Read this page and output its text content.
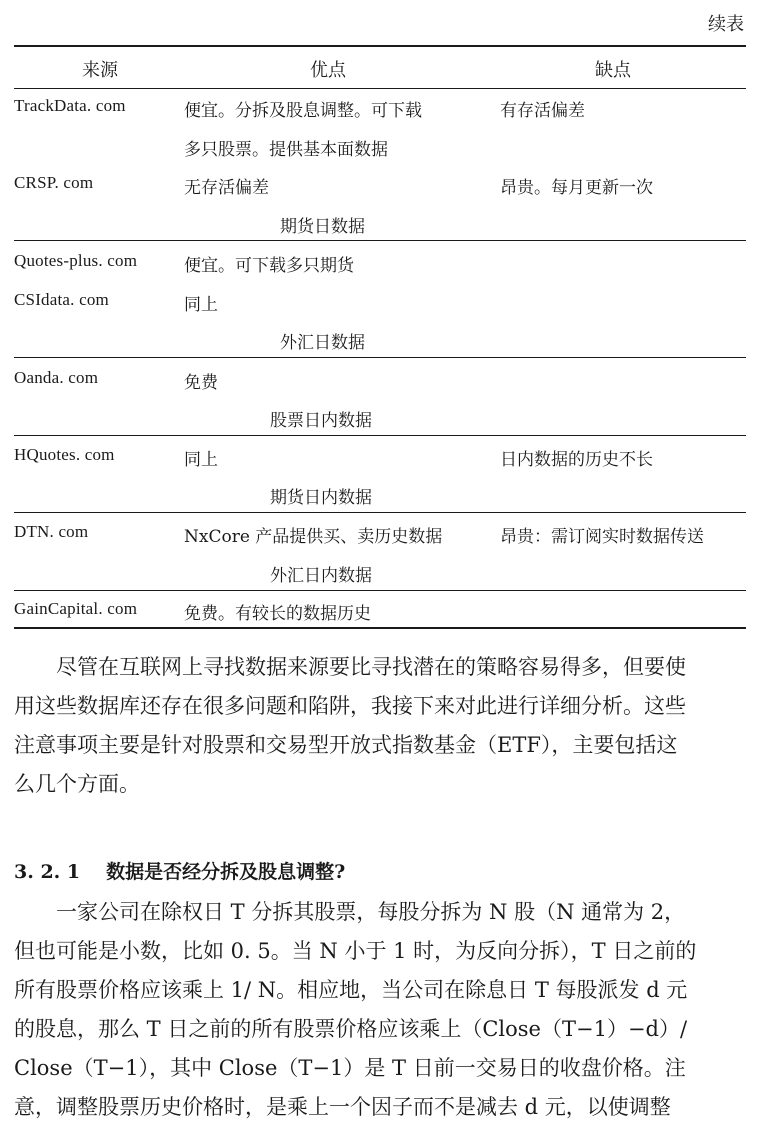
续表
来源	优点	缺点
TrackData. com	便宜。分拆及股息调整。可下载	有存活偏差
多只股票。提供基本面数据
CRSP. com	无存活偏差	昂贵。每月更新一次
期货日数据
Quotes-plus. com	便宜。可下载多只期货
CSIdata. com	同上
外汇日数据
Oanda. com	免费
股票日内数据
HQuotes. com	同上	日内数据的历史不长
期货日内数据
DTN. com	NxCore 产品提供买、卖历史数据	昂贵：需订阅实时数据传送
外汇日内数据
GainCapital. com	免费。有较长的数据历史
尽管在互联网上寻找数据来源要比寻找潜在的策略容易得多，但要使
用这些数据库还存在很多问题和陷阱，我接下来对此进行详细分析。这些
注意事项主要是针对股票和交易型开放式指数基金（ETF），主要包括这
么几个方面。
3. 2. 1 数据是否经分拆及股息调整?
一家公司在除权日 T 分拆其股票，每股分拆为 N 股（N 通常为 2，
但也可能是小数，比如 0. 5。当 N 小于 1 时，为反向分拆），T 日之前的
所有股票价格应该乘上 1/ N。相应地，当公司在除息日 T 每股派发 d 元
的股息，那么 T 日之前的所有股票价格应该乘上（Close（T−1）−d）/
Close（T−1），其中 Close（T−1）是 T 日前一交易日的收盘价格。注
意，调整股票历史价格时，是乘上一个因子而不是减去 d 元，以使调整
